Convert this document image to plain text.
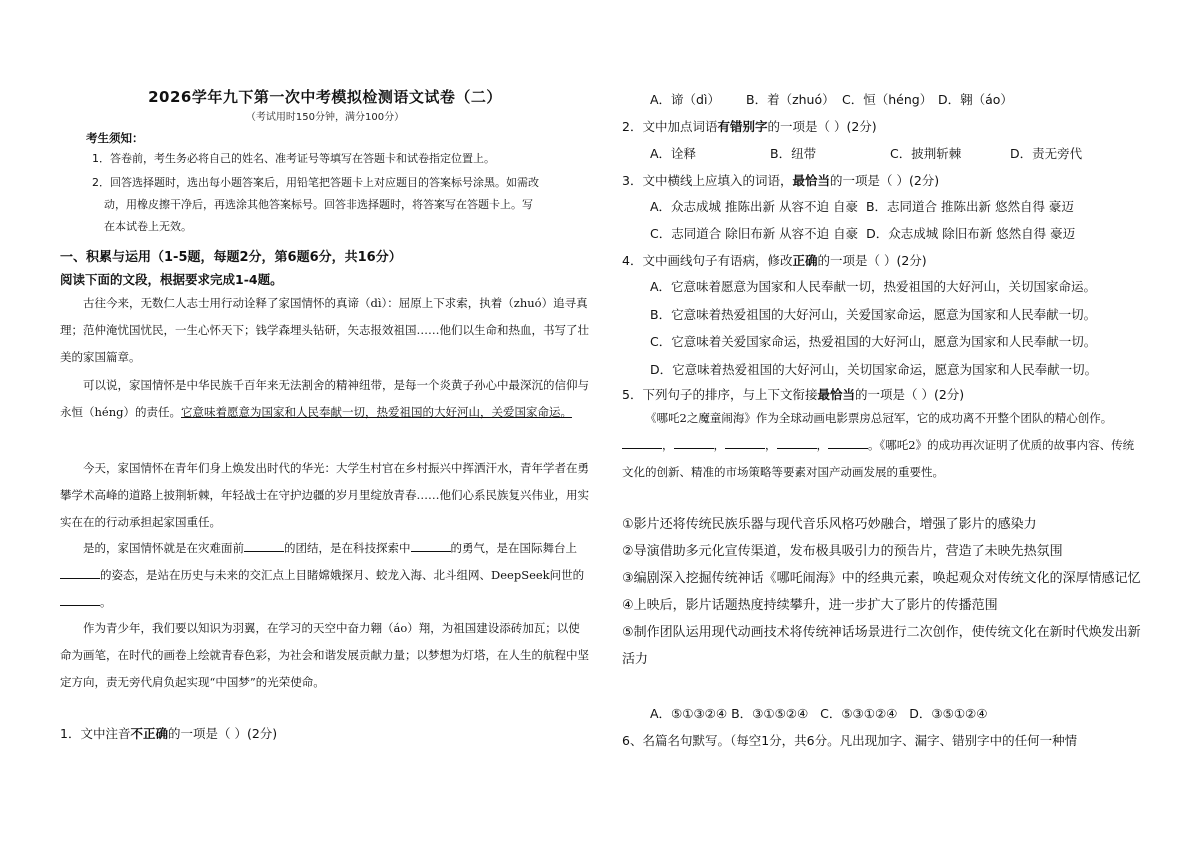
2026学年九下第一次中考模拟检测语文试卷（二）
（考试用时150分钟，满分100分）
考生须知：
1．答卷前，考生务必将自己的姓名、准考证号等填写在答题卡和试卷指定位置上。
2．回答选择题时，选出每小题答案后，用铅笔把答题卡上对应题目的答案标号涂黑。如需改
动，用橡皮擦干净后，再选涂其他答案标号。回答非选择题时，将答案写在答题卡上。写
在本试卷上无效。
一、积累与运用（1-5题，每题2分，第6题6分，共16分）
阅读下面的文段，根据要求完成1-4题。
古往今来，无数仁人志士用行动诠释了家国情怀的真谛（dì）：屈原上下求索，执着（zhuó）追寻真理；范仲淹忧国忧民，一生心怀天下；钱学森埋头钻研，矢志报效祖国……他们以生命和热血，书写了壮美的家国篇章。
可以说，家国情怀是中华民族千百年来无法割舍的精神纽带，是每一个炎黄子孙心中最深沉的信仰与永恒（héng）的责任。它意味着愿意为国家和人民奉献一切，热爱祖国的大好河山，关爱国家命运。
今天，家国情怀在青年们身上焕发出时代的华光：大学生村官在乡村振兴中挥洒汗水，青年学者在勇攀学术高峰的道路上披荆斩棘，年轻战士在守护边疆的岁月里绽放青春……他们心系民族复兴伟业，用实实在在的行动承担起家国重任。
是的，家国情怀就是在灾难面前	的团结，是在科技探索中	的勇气，是在国际舞台上的姿态，是站在历史与未来的交汇点上目睹嫦娥探月、蛟龙入海、北斗组网、DeepSeek问世的。
作为青少年，我们要以知识为羽翼，在学习的天空中奋力翱（áo）翔，为祖国建设添砖加瓦；以使命为画笔，在时代的画卷上绘就青春色彩，为社会和谐发展贡献力量；以梦想为灯塔，在人生的航程中坚定方向，责无旁代肩负起实现“中国梦”的光荣使命。
1．文中注音不正确的一项是（ ）(2分)
A．谛（dì）	B．着（zhuó） C．恒（héng） D．翱（áo）
2．文中加点词语有错别字的一项是（ ）(2分)
A．诠释	B．纽带	C．披荆斩棘	D．责无旁代
3．文中横线上应填入的词语，最恰当的一项是（ ）(2分)
A．众志成城 推陈出新 从容不迫 自豪 B．志同道合 推陈出新 悠然自得 豪迈
C．志同道合 除旧布新 从容不迫 自豪 D．众志成城 除旧布新 悠然自得 豪迈
4．文中画线句子有语病，修改正确的一项是（ ）(2分)
A．它意味着愿意为国家和人民奉献一切，热爱祖国的大好河山，关切国家命运。
B．它意味着热爱祖国的大好河山，关爱国家命运，愿意为国家和人民奉献一切。
C．它意味着关爱国家命运，热爱祖国的大好河山，愿意为国家和人民奉献一切。
D．它意味着热爱祖国的大好河山，关切国家命运，愿意为国家和人民奉献一切。
5．下列句子的排序，与上下文衔接最恰当的一项是（ ）(2分)
《哪吒2之魔童闹海》作为全球动画电影票房总冠军，它的成功离不开整个团队的精心创作。，	，	，	，	。《哪吒2》的成功再次证明了优质的故事内容、传统文化的创新、精准的市场策略等要素对国产动画发展的重要性。
①影片还将传统民族乐器与现代音乐风格巧妙融合，增强了影片的感染力
②导演借助多元化宣传渠道，发布极具吸引力的预告片，营造了未映先热氛围
③编剧深入挖掘传统神话《哪吒闹海》中的经典元素，唤起观众对传统文化的深厚情感记忆
④上映后，影片话题热度持续攀升，进一步扩大了影片的传播范围
⑤制作团队运用现代动画技术将传统神话场景进行二次创作，使传统文化在新时代焕发出新活力
A．⑤①③②④ B．③①⑤②④ C．⑤③①②④ D．③⑤①②④
6、名篇名句默写。（每空1分，共6分。凡出现加字、漏字、错别字中的任何一种情
